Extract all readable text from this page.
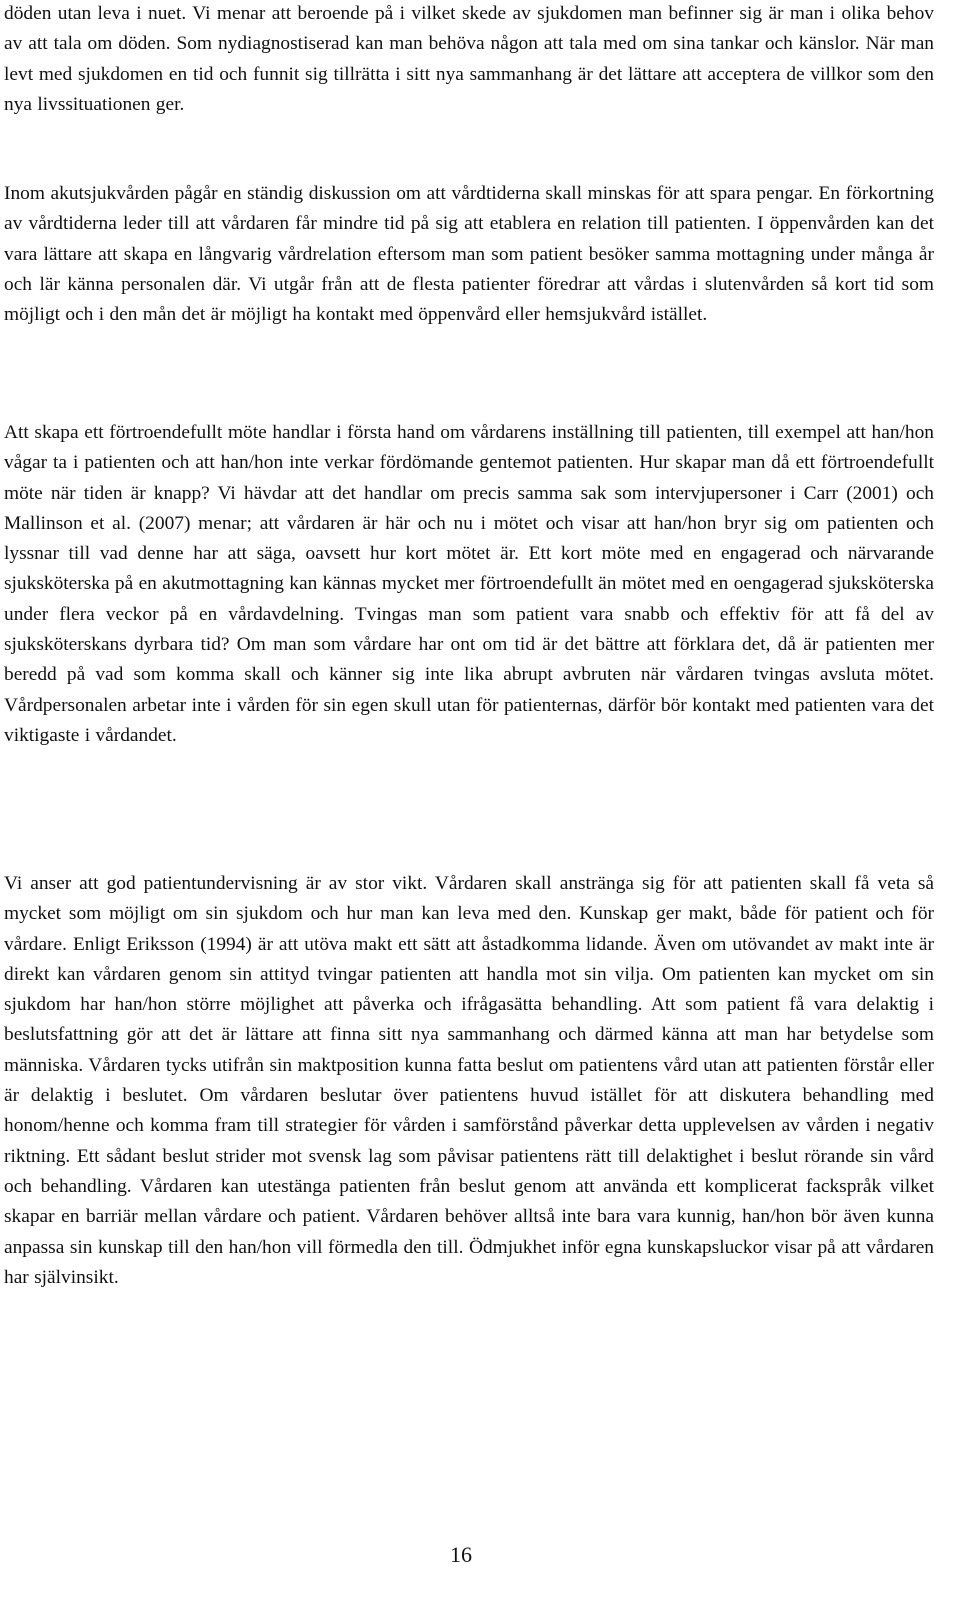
döden utan leva i nuet. Vi menar att beroende på i vilket skede av sjukdomen man befinner sig är man i olika behov av att tala om döden. Som nydiagnostiserad kan man behöva någon att tala med om sina tankar och känslor. När man levt med sjukdomen en tid och funnit sig tillrätta i sitt nya sammanhang är det lättare att acceptera de villkor som den nya livssituationen ger.

Inom akutsjukvården pågår en ständig diskussion om att vårdtiderna skall minskas för att spara pengar. En förkortning av vårdtiderna leder till att vårdaren får mindre tid på sig att etablera en relation till patienten. I öppenvården kan det vara lättare att skapa en långvarig vårdrelation eftersom man som patient besöker samma mottagning under många år och lär känna personalen där. Vi utgår från att de flesta patienter föredrar att vårdas i slutenvården så kort tid som möjligt och i den mån det är möjligt ha kontakt med öppenvård eller hemsjukvård istället.

Att skapa ett förtroendefullt möte handlar i första hand om vårdarens inställning till patienten, till exempel att han/hon vågar ta i patienten och att han/hon inte verkar fördömande gentemot patienten. Hur skapar man då ett förtroendefullt möte när tiden är knapp? Vi hävdar att det handlar om precis samma sak som intervjupersoner i Carr (2001) och Mallinson et al. (2007) menar; att vårdaren är här och nu i mötet och visar att han/hon bryr sig om patienten och lyssnar till vad denne har att säga, oavsett hur kort mötet är. Ett kort möte med en engagerad och närvarande sjuksköterska på en akutmottagning kan kännas mycket mer förtroendefullt än mötet med en oengagerad sjuksköterska under flera veckor på en vårdavdelning. Tvingas man som patient vara snabb och effektiv för att få del av sjuksköterskans dyrbara tid? Om man som vårdare har ont om tid är det bättre att förklara det, då är patienten mer beredd på vad som komma skall och känner sig inte lika abrupt avbruten när vårdaren tvingas avsluta mötet. Vårdpersonalen arbetar inte i vården för sin egen skull utan för patienternas, därför bör kontakt med patienten vara det viktigaste i vårdandet.

Vi anser att god patientundervisning är av stor vikt. Vårdaren skall anstränga sig för att patienten skall få veta så mycket som möjligt om sin sjukdom och hur man kan leva med den. Kunskap ger makt, både för patient och för vårdare. Enligt Eriksson (1994) är att utöva makt ett sätt att åstadkomma lidande. Även om utövandet av makt inte är direkt kan vårdaren genom sin attityd tvingar patienten att handla mot sin vilja. Om patienten kan mycket om sin sjukdom har han/hon större möjlighet att påverka och ifrågasätta behandling. Att som patient få vara delaktig i beslutsfattning gör att det är lättare att finna sitt nya sammanhang och därmed känna att man har betydelse som människa. Vårdaren tycks utifrån sin maktposition kunna fatta beslut om patientens vård utan att patienten förstår eller är delaktig i beslutet. Om vårdaren beslutar över patientens huvud istället för att diskutera behandling med honom/henne och komma fram till strategier för vården i samförstånd påverkar detta upplevelsen av vården i negativ riktning. Ett sådant beslut strider mot svensk lag som påvisar patientens rätt till delaktighet i beslut rörande sin vård och behandling. Vårdaren kan utestänga patienten från beslut genom att använda ett komplicerat fackspråk vilket skapar en barriär mellan vårdare och patient. Vårdaren behöver alltså inte bara vara kunnig, han/hon bör även kunna anpassa sin kunskap till den han/hon vill förmedla den till. Ödmjukhet inför egna kunskapsluckor visar på att vårdaren har självinsikt.

16
